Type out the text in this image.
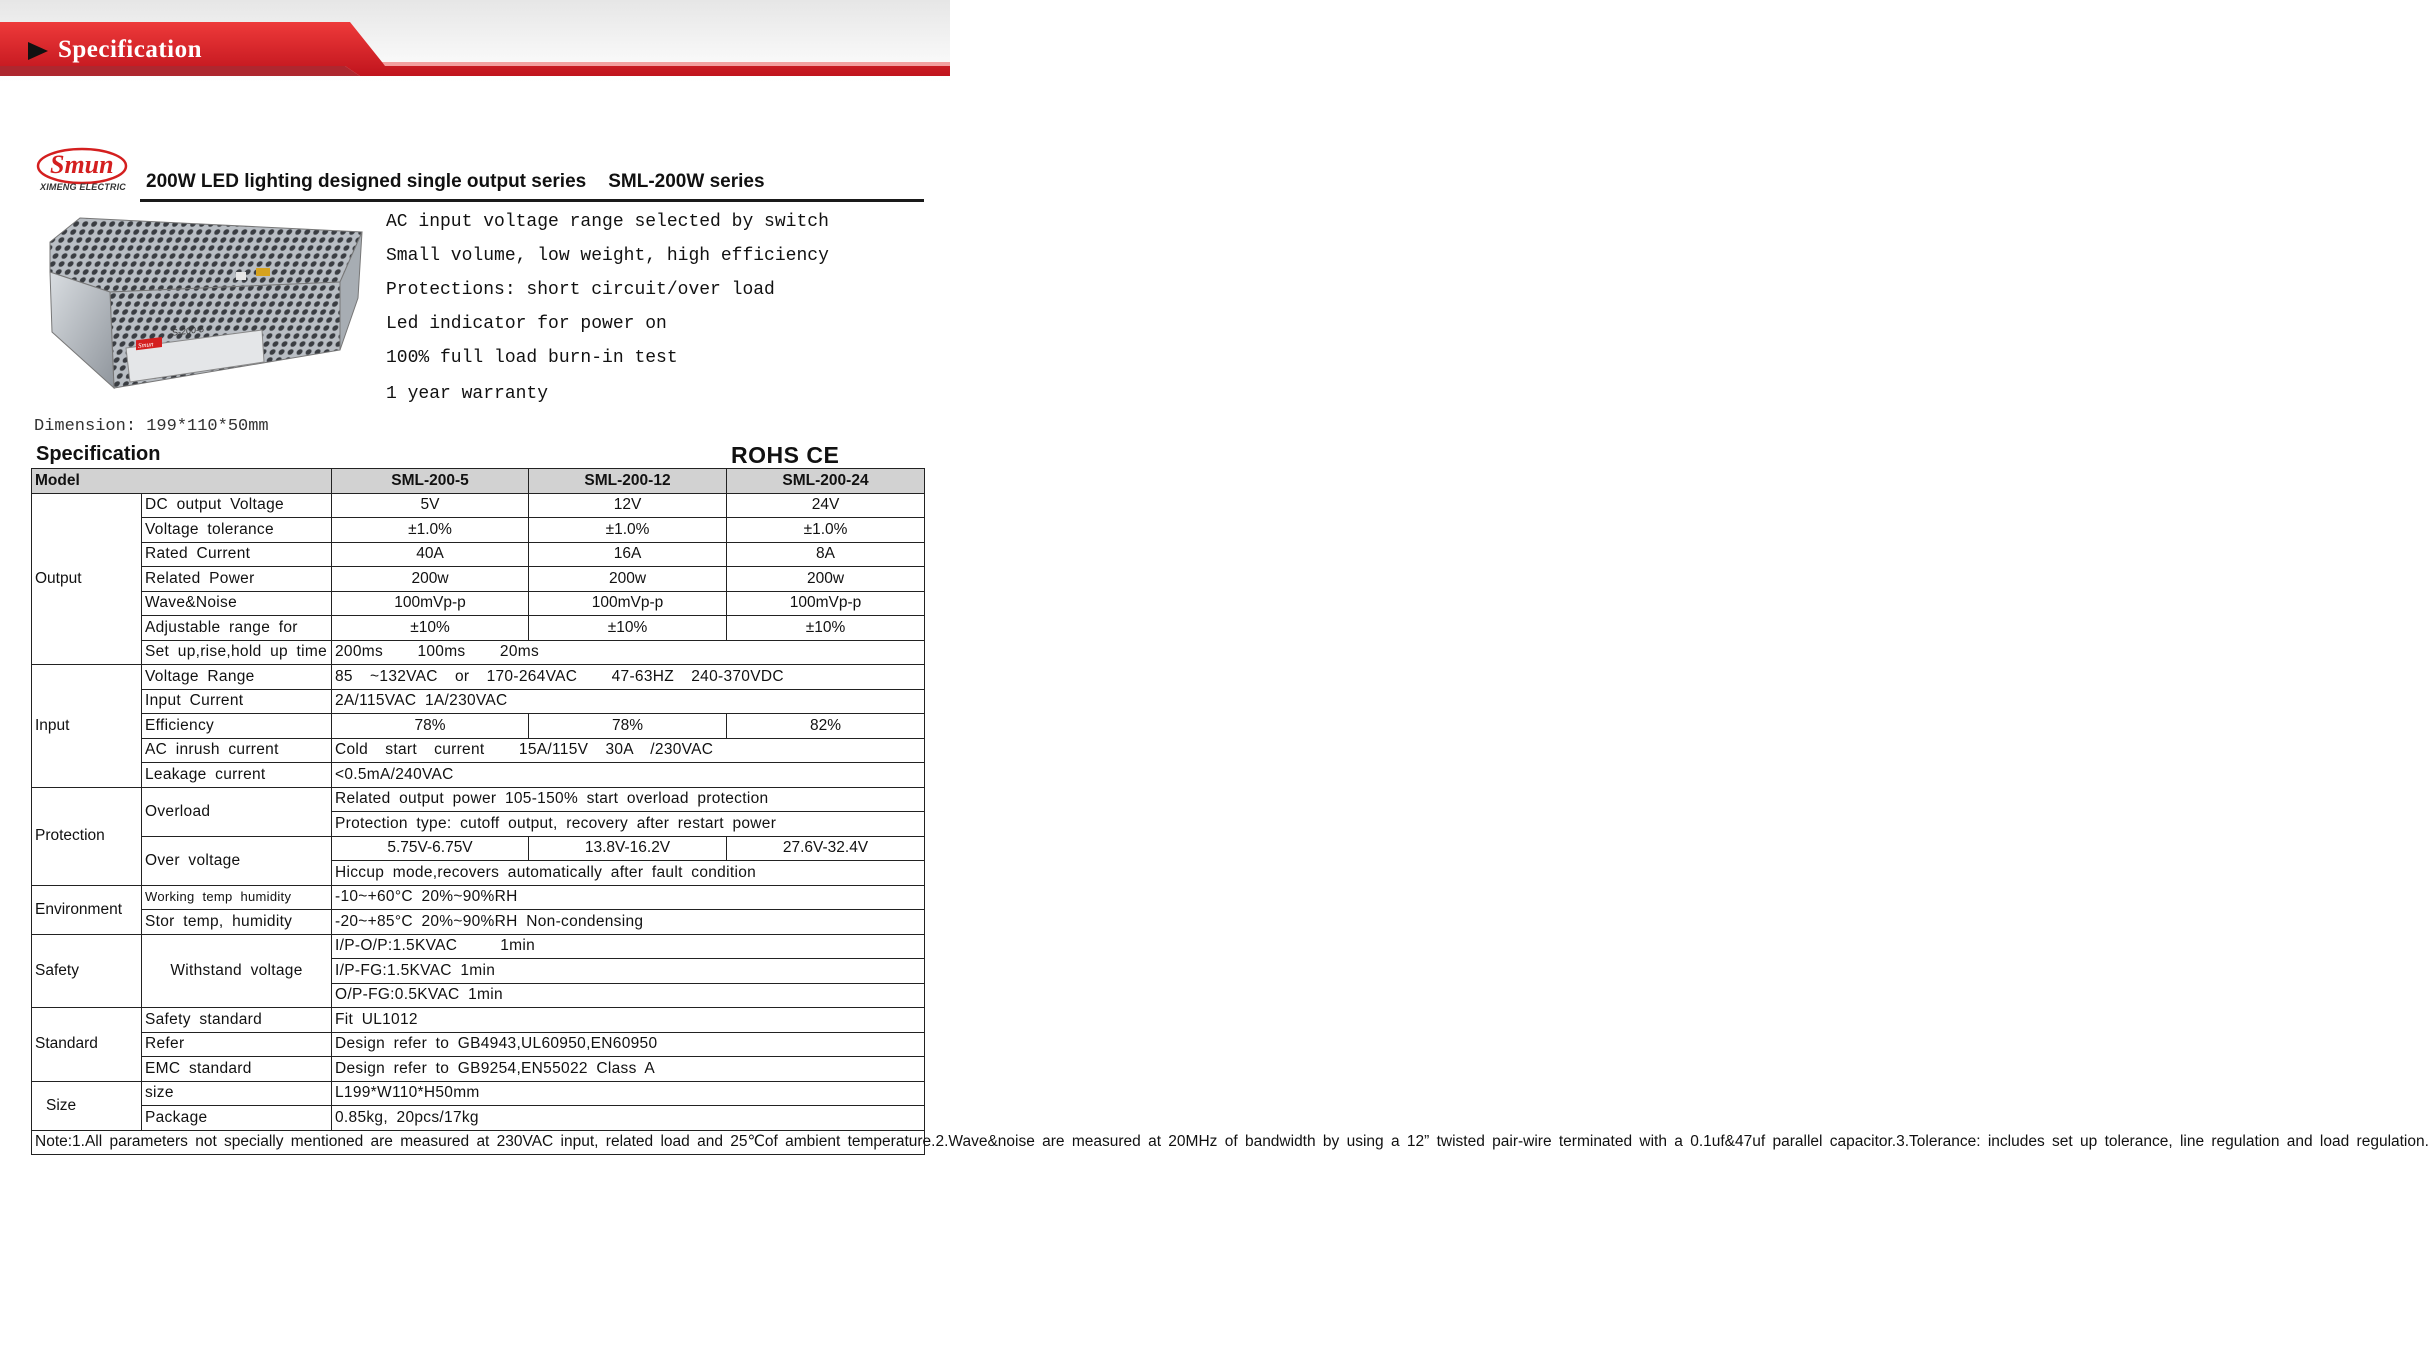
Specification
Smun
XIMENG ELECTRIC 200W LED lighting designed single output series SML-200W series
S-200-5
Smun
AC input voltage range selected by switch
Small volume, low weight, high efficiency
Protections: short circuit/over load
Led indicator for power on
100% full load burn-in test
1 year warranty
Dimension: 199*110*50mm
Specification	ROHS CE
Model		SML-200-5	SML-200-12	SML-200-24
Output	DC output Voltage	5V	12V	24V
	Voltage tolerance	±1.0%	±1.0%	±1.0%
	Rated Current	40A	16A	8A
	Related Power	200w	200w	200w
	Wave&Noise	100mVp-p	100mVp-p	100mVp-p
	Adjustable range for	±10%	±10%	±10%
	Set up,rise,hold up time	200ms    100ms    20ms		
Input	Voltage Range	85  ~132VAC  or  170-264VAC    47-63HZ  240-370VDC		
	Input Current	2A/115VAC 1A/230VAC		
	Efficiency	78%	78%	82%
	AC inrush current	Cold  start  current    15A/115V  30A  /230VAC		
	Leakage current	<0.5mA/240VAC		
Protection	Overload	Related output power 105-150% start overload protection		
		Protection type: cutoff output, recovery after restart power		
	Over voltage	5.75V-6.75V	13.8V-16.2V	27.6V-32.4V
		Hiccup mode,recovers automatically after fault condition		
Environment	Working temp humidity	-10~+60°C 20%~90%RH		
	Stor temp, humidity	-20~+85°C 20%~90%RH Non-condensing		
Safety	Withstand voltage	I/P-O/P:1.5KVAC     1min		
		I/P-FG:1.5KVAC 1min		
		O/P-FG:0.5KVAC 1min		
Standard	Safety standard	Fit UL1012		
	Refer	Design refer to GB4943,UL60950,EN60950		
	EMC standard	Design refer to GB9254,EN55022 Class A		
Size	size	L199*W110*H50mm		
	Package	0.85kg, 20pcs/17kg		
Note:1.All parameters not specially mentioned are measured at 230VAC input, related load and 25℃of ambient temperature.2.Wave&noise are measured at 20MHz of bandwidth by using a 12” twisted pair-wire terminated with a 0.1uf&47uf parallel capacitor.3.Tolerance: includes set up tolerance, line regulation and load regulation.				
